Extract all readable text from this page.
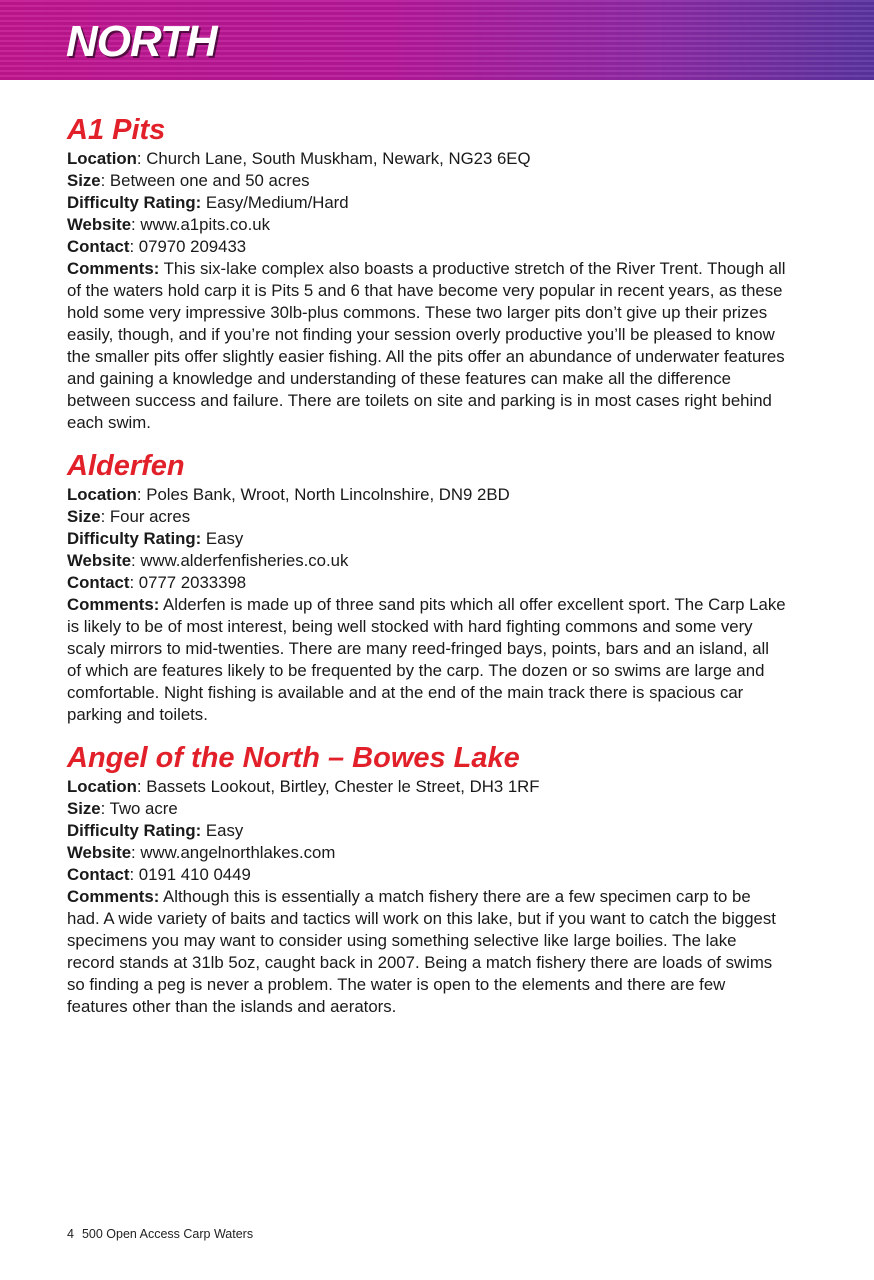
NORTH
A1 Pits

Location: Church Lane, South Muskham, Newark, NG23 6EQ

Size: Between one and 50 acres

Difficulty Rating: Easy/Medium/Hard

Website: www.a1pits.co.uk

Contact: 07970 209433

Comments: This six-lake complex also boasts a productive stretch of the River Trent. Though all of the waters hold carp it is Pits 5 and 6 that have become very popular in recent years, as these hold some very impressive 30lb-plus commons. These two larger pits don’t give up their prizes easily, though, and if you’re not finding your session overly productive you’ll be pleased to know the smaller pits offer slightly easier fishing. All the pits offer an abundance of underwater features and gaining a knowledge and understanding of these features can make all the difference between success and failure. There are toilets on site and parking is in most cases right behind each swim.

Alderfen

Location: Poles Bank, Wroot, North Lincolnshire, DN9 2BD

Size: Four acres

Difficulty Rating: Easy

Website: www.alderfenfisheries.co.uk

Contact: 0777 2033398

Comments: Alderfen is made up of three sand pits which all offer excellent sport. The Carp Lake is likely to be of most interest, being well stocked with hard fighting commons and some very scaly mirrors to mid-twenties. There are many reed-fringed bays, points, bars and an island, all of which are features likely to be frequented by the carp. The dozen or so swims are large and comfortable. Night fishing is available and at the end of the main track there is spacious car parking and toilets.

Angel of the North – Bowes Lake

Location: Bassets Lookout, Birtley, Chester le Street, DH3 1RF

Size: Two acre

Difficulty Rating: Easy

Website: www.angelnorthlakes.com

Contact: 0191 410 0449

Comments: Although this is essentially a match fishery there are a few specimen carp to be had. A wide variety of baits and tactics will work on this lake, but if you want to catch the biggest specimens you may want to consider using something selective like large boilies. The lake record stands at 31lb 5oz, caught back in 2007. Being a match fishery there are loads of swims so finding a peg is never a problem. The water is open to the elements and there are few features other than the islands and aerators.

4 500 Open Access Carp Waters
